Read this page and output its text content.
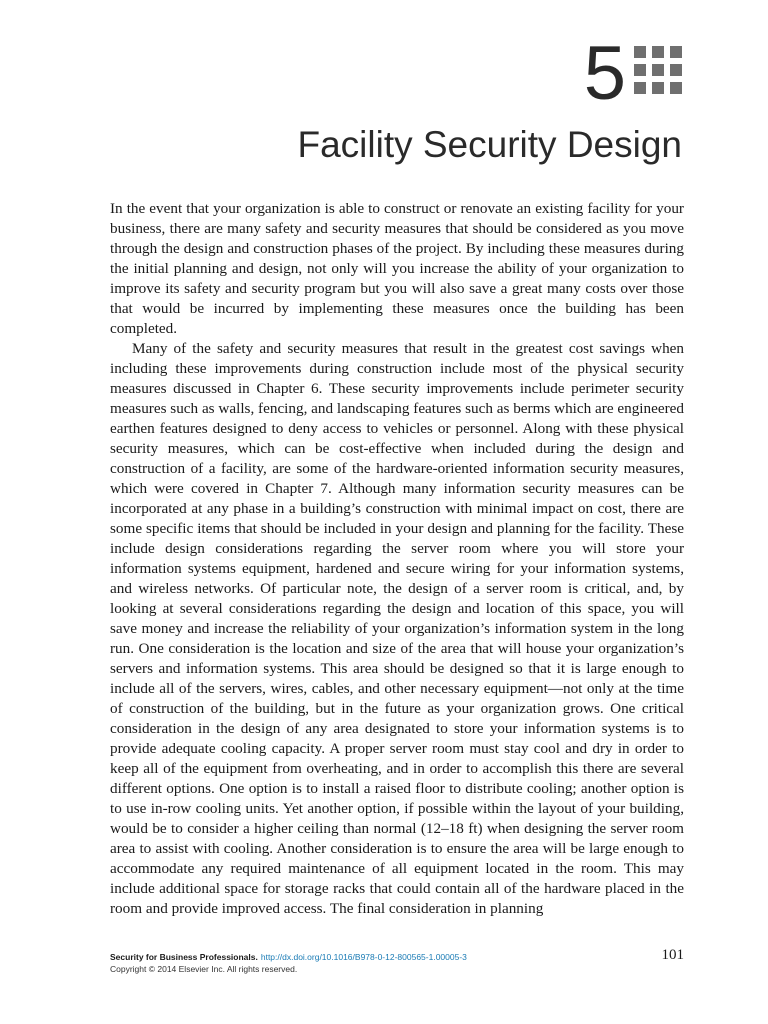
5
Facility Security Design

In the event that your organization is able to construct or renovate an existing facility for your business, there are many safety and security measures that should be considered as you move through the design and construction phases of the project. By including these measures during the initial planning and design, not only will you increase the ability of your organization to improve its safety and security program but you will also save a great many costs over those that would be incurred by implementing these measures once the building has been completed.

Many of the safety and security measures that result in the greatest cost savings when including these improvements during construction include most of the physical security measures discussed in Chapter 6. These security improvements include perimeter security measures such as walls, fencing, and landscaping features such as berms which are engineered earthen features designed to deny access to vehicles or personnel. Along with these physical security measures, which can be cost-effective when included during the design and construction of a facility, are some of the hardware-oriented information security measures, which were covered in Chapter 7. Although many information security measures can be incorporated at any phase in a building’s construction with minimal impact on cost, there are some specific items that should be included in your design and planning for the facility. These include design considerations regarding the server room where you will store your information systems equipment, hardened and secure wiring for your information systems, and wireless networks. Of particular note, the design of a server room is critical, and, by looking at several considerations regarding the design and location of this space, you will save money and increase the reliability of your organization’s information system in the long run. One consideration is the location and size of the area that will house your organization’s servers and information systems. This area should be designed so that it is large enough to include all of the servers, wires, cables, and other necessary equipment—not only at the time of construction of the building, but in the future as your organization grows. One critical consideration in the design of any area designated to store your information systems is to provide adequate cooling capacity. A proper server room must stay cool and dry in order to keep all of the equipment from overheating, and in order to accomplish this there are several different options. One option is to install a raised floor to distribute cooling; another option is to use in-row cooling units. Yet another option, if possible within the layout of your building, would be to consider a higher ceiling than normal (12–18 ft) when designing the server room area to assist with cooling. Another consideration is to ensure the area will be large enough to accommodate any required maintenance of all equipment located in the room. This may include additional space for storage racks that could contain all of the hardware placed in the room and provide improved access. The final consideration in planning

Security for Business Professionals. http://dx.doi.org/10.1016/B978-0-12-800565-1.00005-3
Copyright © 2014 Elsevier Inc. All rights reserved.
101
